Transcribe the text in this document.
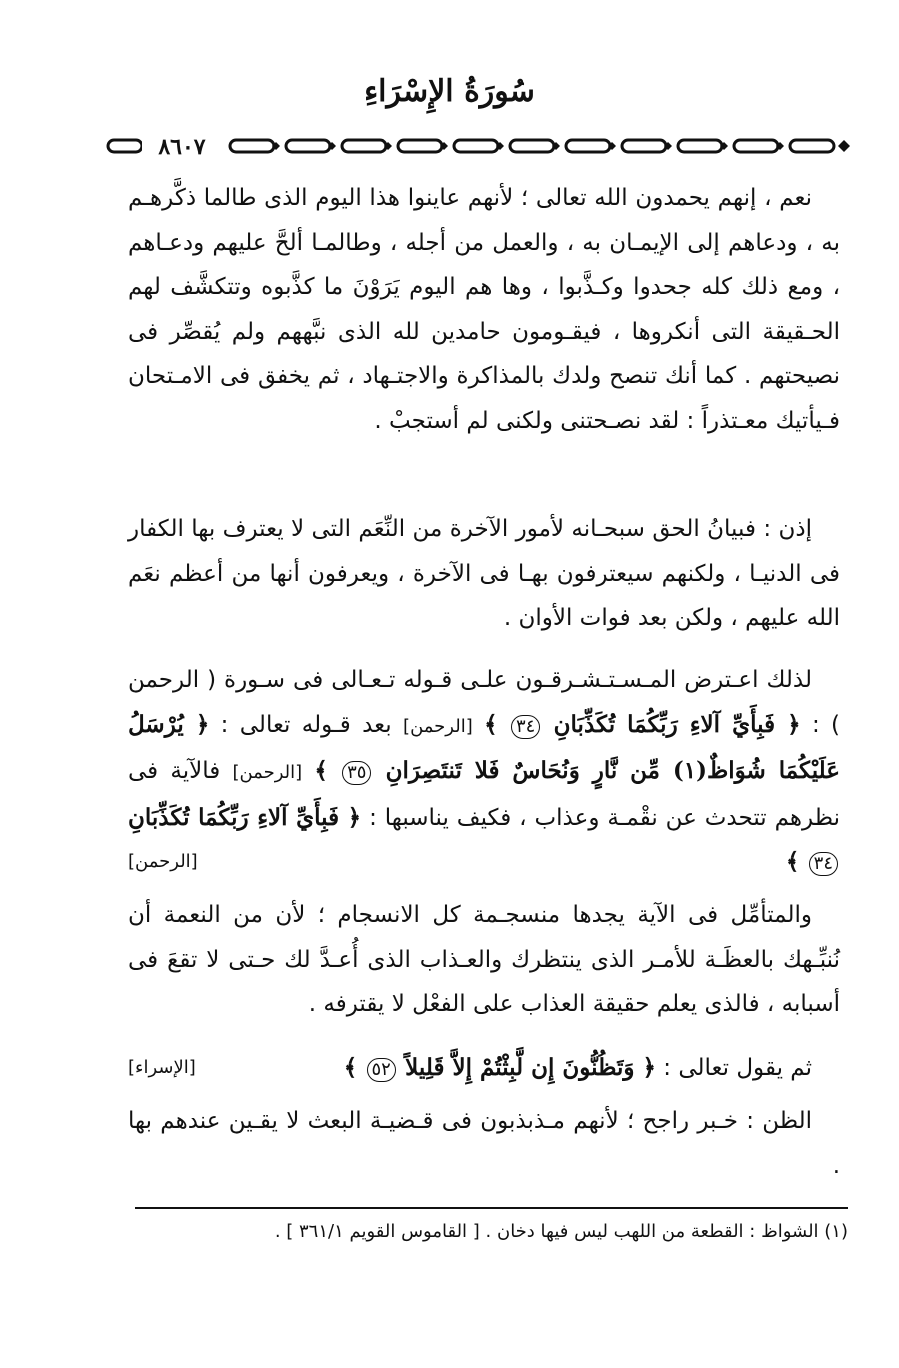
سُورَةُ الإِسْرَاءِ
٨٦٠٧

نعم ، إنهم يحمدون الله تعالى ؛ لأنهم عاينوا هذا اليوم الذى طالما ذكَّرهـم به ، ودعاهم إلى الإيمـان به ، والعمل من أجله ، وطالمـا ألحَّ عليهم ودعـاهم ، ومع ذلك كله جحدوا وكـذَّبوا ، وها هم اليوم يَرَوْنَ ما كذَّبوه وتتكشَّف لهم الحـقيقة التى أنكروها ، فيقـومون حامدين لله الذى نبَّههم ولم يُقصِّر فى نصيحتهم . كما أنك تنصح ولدك بالمذاكرة والاجتـهاد ، ثم يخفق فى الامـتحان فـيأتيك معـتذراً : لقد نصـحتنى ولكنى لم أستجبْ .

إذن : فبيانُ الحق سبحـانه لأمور الآخرة من النِّعَم التى لا يعترف بها الكفار فى الدنيـا ، ولكنهم سيعترفون بهـا فى الآخرة ، ويعرفون أنها من أعظم نعَم الله عليهم ، ولكن بعد فوات الأوان .

لذلك اعـترض المـسـتـشـرقـون علـى قـوله تـعـالى فى سـورة ( الرحمن ) : ﴿ فَبِأَيِّ آلاءِ رَبِّكُمَا تُكَذِّبَانِ ٣٤ ﴾ [الرحمن] بعد قـوله تعالى : ﴿ يُرْسَلُ عَلَيْكُمَا شُوَاظٌ(١) مِّن نَّارٍ وَنُحَاسٌ فَلا تَنتَصِرَانِ ٣٥ ﴾ [الرحمن] فالآية فى نظرهم تتحدث عن نقْمـة وعذاب ، فكيف يناسبها : ﴿ فَبِأَيِّ آلاءِ رَبِّكُمَا تُكَذِّبَانِ ٣٤ ﴾
[الرحمن]

والمتأمِّل فى الآية يجدها منسجـمة كل الانسجام ؛ لأن من النعمة أن نُنبِّـهك بالعظَـة للأمـر الذى ينتظرك والعـذاب الذى أُعـدَّ لك حـتى لا تقعَ فى أسبابه ، فالذى يعلم حقيقة العذاب على الفعْل لا يقترفه .

ثم يقول تعالى : ﴿ وَتَظُنُّونَ إِن لَّبِثْتُمْ إِلاَّ قَلِيلاً ٥٢ ﴾
[الإسراء]

الظن : خـبر راجح ؛ لأنهم مـذبذبون فى قـضيـة البعث لا يقـين عندهم بها .

(١) الشواظ : القطعة من اللهب ليس فيها دخان . [ القاموس القويم ٣٦١/١ ] .
